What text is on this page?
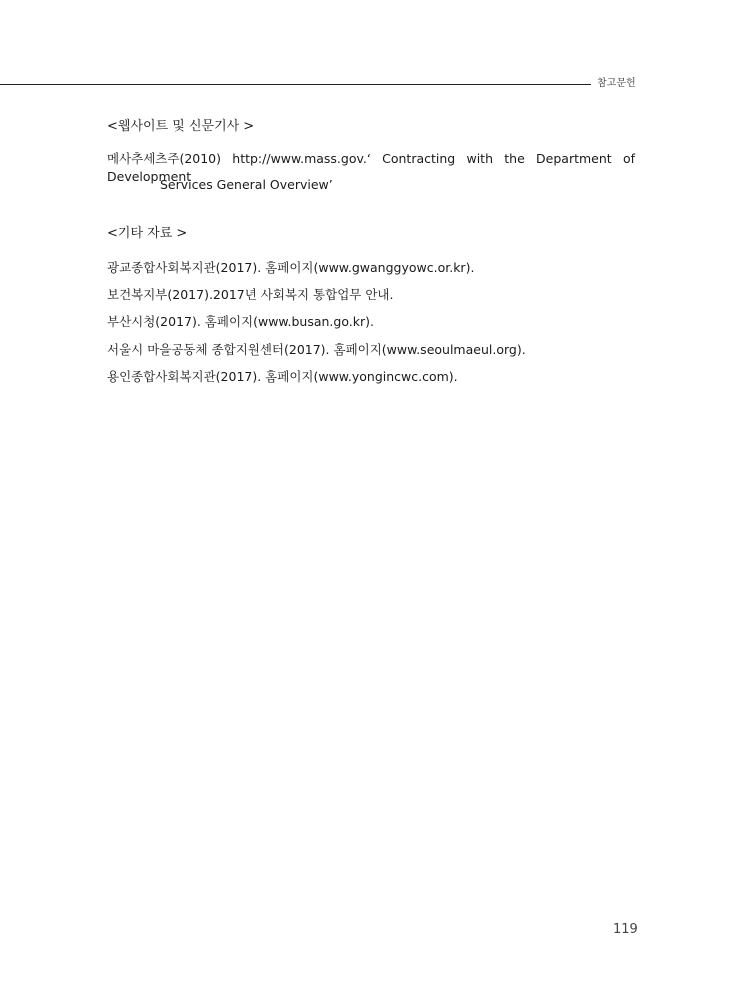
참고문헌
<웹사이트 및 신문기사 >
메사추세츠주(2010) http://www.mass.gov.‘ Contracting with the Department of Development
Services General Overview’
<기타 자료 >
광교종합사회복지관(2017). 홈페이지(www.gwanggyowc.or.kr).
보건복지부(2017).2017년 사회복지 통합업무 안내.
부산시청(2017). 홈페이지(www.busan.go.kr).
서울시 마을공동체 종합지원센터(2017). 홈페이지(www.seoulmaeul.org).
용인종합사회복지관(2017). 홈페이지(www.yongincwc.com).
119
